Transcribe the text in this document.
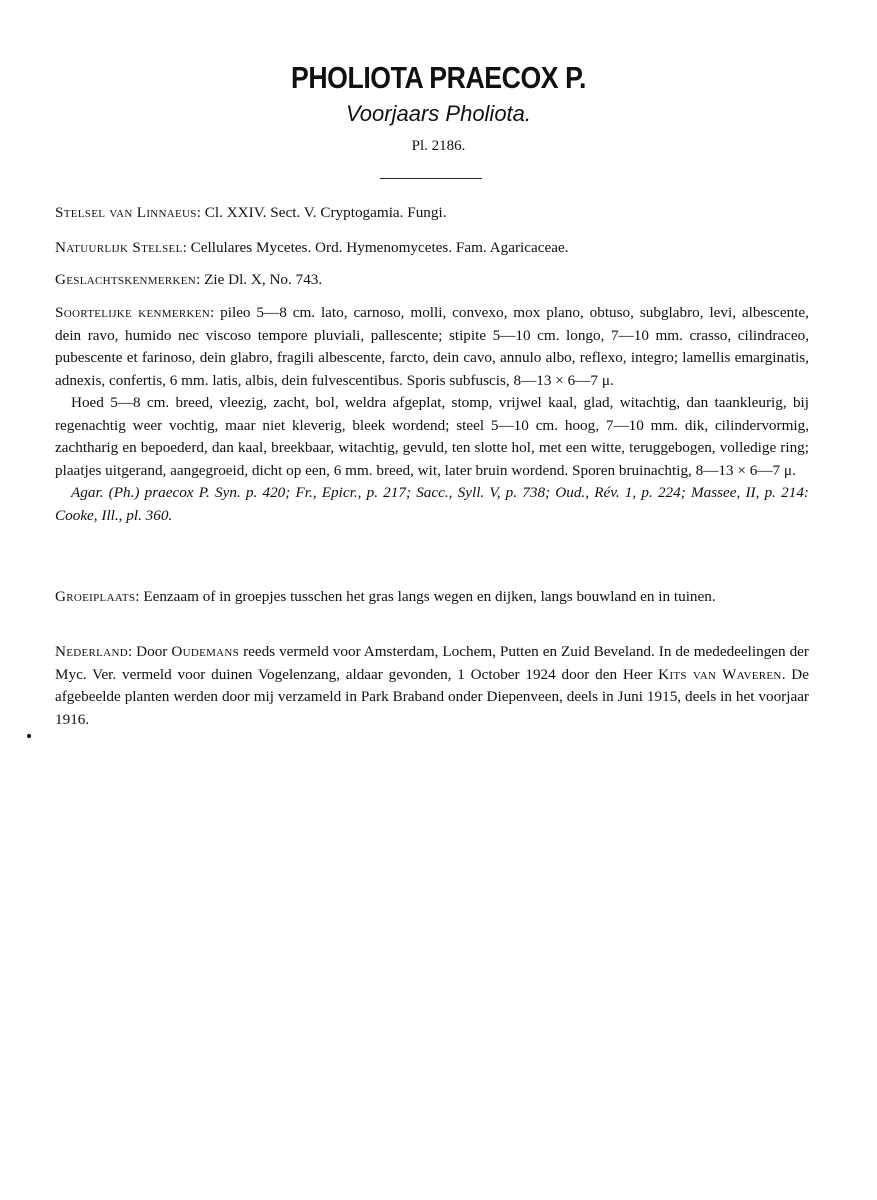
PHOLIOTA PRAECOX P.
Voorjaars Pholiota.
Pl. 2186.
Stelsel van Linnaeus: Cl. XXIV. Sect. V. Cryptogamia. Fungi.
Natuurlijk Stelsel: Cellulares Mycetes. Ord. Hymenomycetes. Fam. Agaricaceae.
Geslachtskenmerken: Zie Dl. X, No. 743.
Soortelijke kenmerken: pileo 5—8 cm. lato, carnoso, molli, convexo, mox plano, obtuso, subglabro, levi, albescente, dein ravo, humido nec viscoso tempore pluviali, pallescente; stipite 5—10 cm. longo, 7—10 mm. crasso, cilindraceo, pubescente et farinoso, dein glabro, fragili albescente, farcto, dein cavo, annulo albo, reflexo, integro; lamellis emarginatis, adnexis, confertis, 6 mm. latis, albis, dein fulvescentibus. Sporis subfuscis, 8—13 × 6—7 μ.
Hoed 5—8 cm. breed, vleezig, zacht, bol, weldra afgeplat, stomp, vrijwel kaal, glad, witachtig, dan taankleurig, bij regenachtig weer vochtig, maar niet kleverig, bleek wordend; steel 5—10 cm. hoog, 7—10 mm. dik, cilindervormig, zachtharig en bepoederd, dan kaal, breekbaar, witachtig, gevuld, ten slotte hol, met een witte, teruggebogen, volledige ring; plaatjes uitgerand, aangegroeid, dicht op een, 6 mm. breed, wit, later bruin wordend. Sporen bruinachtig, 8—13 × 6—7 μ.
Agar. (Ph.) praecox P. Syn. p. 420; Fr., Epicr., p. 217; Sacc., Syll. V, p. 738; Oud., Rév. 1, p. 224; Massee, II, p. 214: Cooke, Ill., pl. 360.
Groeiplaats: Eenzaam of in groepjes tusschen het gras langs wegen en dijken, langs bouwland en in tuinen.
Nederland: Door Oudemans reeds vermeld voor Amsterdam, Lochem, Putten en Zuid Beveland. In de mededeelingen der Myc. Ver. vermeld voor duinen Vogelenzang, aldaar gevonden, 1 October 1924 door den Heer Kits van Waveren. De afgebeelde planten werden door mij verzameld in Park Braband onder Diepenveen, deels in Juni 1915, deels in het voorjaar 1916.
